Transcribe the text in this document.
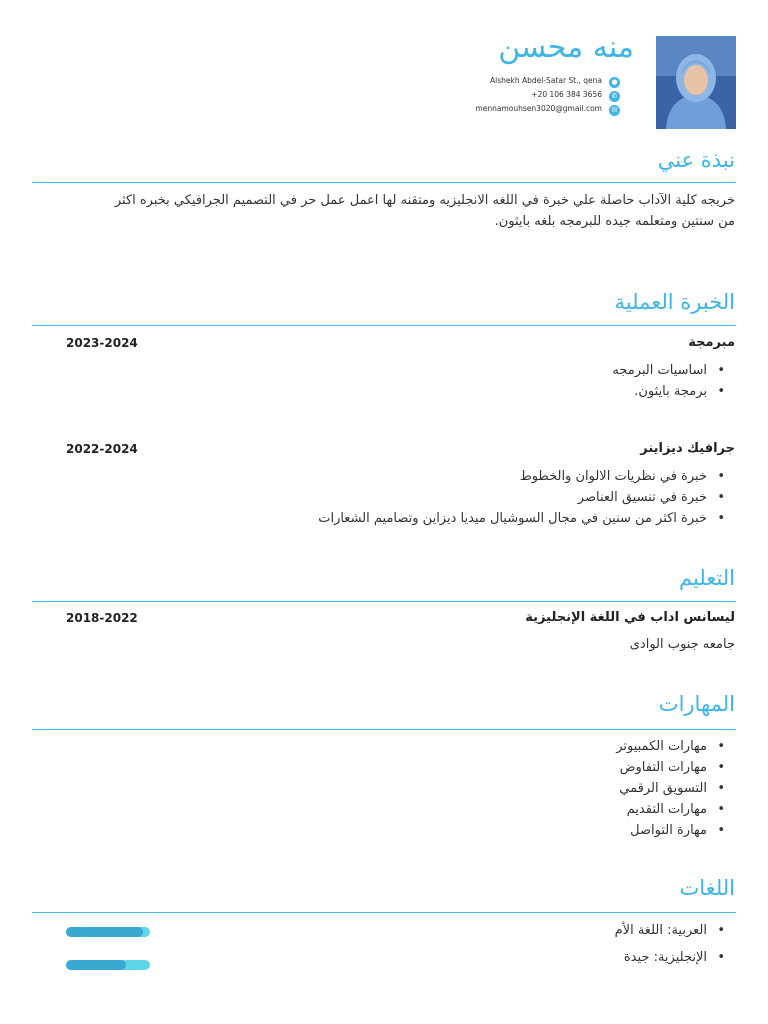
منه محسن
●
Alshekh Abdel-Satar St., qena
✆
+20 106 384 3656
✉
mennamouhsen3020@gmail.com
نبذة عني
خريجه كلية الآداب حاصلة علي خبرة في اللغه الانجليزيه ومتقنه لها اعمل عمل حر في التصميم الجرافيكي بخبره اكثر من سنتين ومتعلمه جيده للبرمجه بلغه بايثون.
الخبرة العملية
مبرمجة
2023-2024
اساسيات البرمجه •
برمجة بايثون. •
جرافيك ديزاينر
2022-2024
خبرة في نظريات الالوان والخطوط •
خبرة في تنسيق العناصر •
خبرة اكثر من سنين في مجال السوشيال ميديا ديزاين وتصاميم الشعارات •
التعليم
ليسانس اداب في اللغة الإنجليزية
2018-2022
جامعه جنوب الوادى
المهارات
مهارات الكمبيوتر •
مهارات التفاوض •
التسويق الرقمي •
مهارات التقديم •
مهارة التواصل •
اللغات
العربية: اللغة الأم •
الإنجليزية: جيدة •
